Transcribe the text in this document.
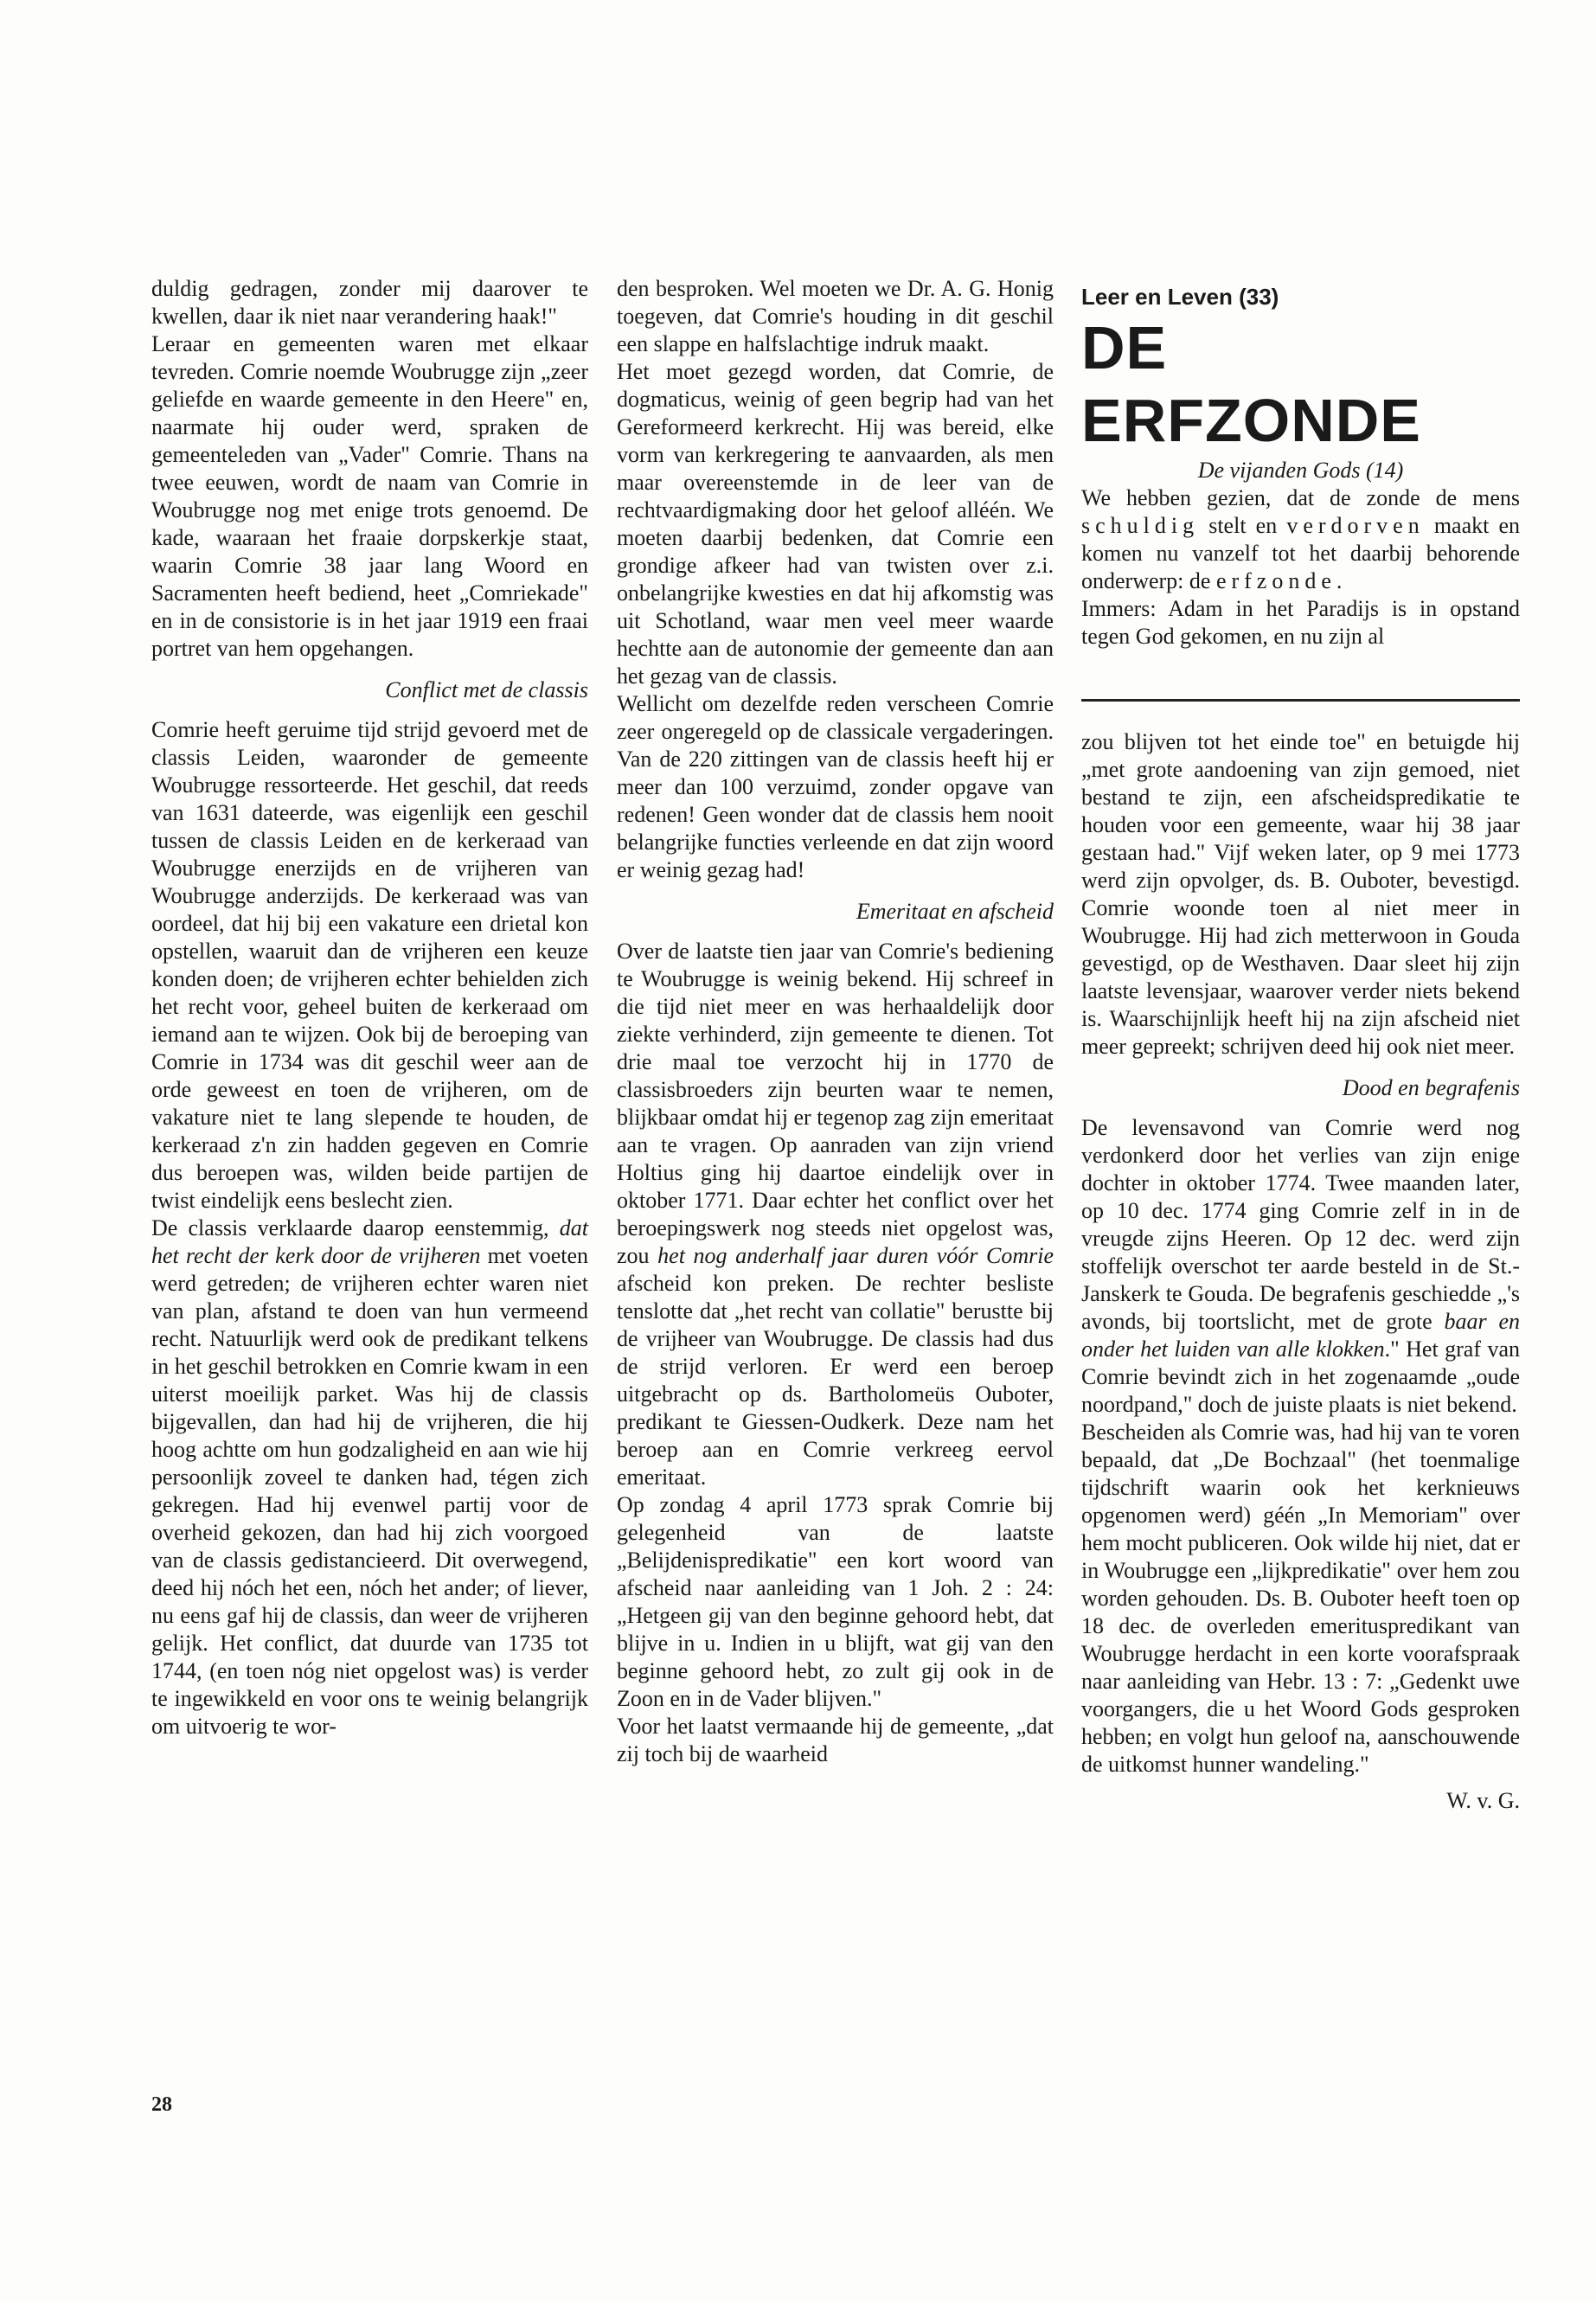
duldig gedragen, zonder mij daarover te kwellen, daar ik niet naar verandering haak!"

Leraar en gemeenten waren met elkaar tevreden. Comrie noemde Woubrugge zijn „zeer geliefde en waarde gemeente in den Heere" en, naarmate hij ouder werd, spraken de gemeenteleden van „Vader" Comrie. Thans na twee eeuwen, wordt de naam van Comrie in Woubrugge nog met enige trots genoemd. De kade, waaraan het fraaie dorpskerkje staat, waarin Comrie 38 jaar lang Woord en Sacramenten heeft bediend, heet „Comriekade" en in de consistorie is in het jaar 1919 een fraai portret van hem opgehangen.

Conflict met de classis

Comrie heeft geruime tijd strijd gevoerd met de classis Leiden, waaronder de gemeente Woubrugge ressorteerde. Het geschil, dat reeds van 1631 dateerde, was eigenlijk een geschil tussen de classis Leiden en de kerkeraad van Woubrugge enerzijds en de vrijheren van Woubrugge anderzijds. De kerkeraad was van oordeel, dat hij bij een vakature een drietal kon opstellen, waaruit dan de vrijheren een keuze konden doen; de vrijheren echter behielden zich het recht voor, geheel buiten de kerkeraad om iemand aan te wijzen. Ook bij de beroeping van Comrie in 1734 was dit geschil weer aan de orde geweest en toen de vrijheren, om de vakature niet te lang slepende te houden, de kerkeraad z'n zin hadden gegeven en Comrie dus beroepen was, wilden beide partijen de twist eindelijk eens beslecht zien.

De classis verklaarde daarop eenstemmig, dat het recht der kerk door de vrijheren met voeten werd getreden; de vrijheren echter waren niet van plan, afstand te doen van hun vermeend recht. Natuurlijk werd ook de predikant telkens in het geschil betrokken en Comrie kwam in een uiterst moeilijk parket. Was hij de classis bijgevallen, dan had hij de vrijheren, die hij hoog achtte om hun godzaligheid en aan wie hij persoonlijk zoveel te danken had, tégen zich gekregen. Had hij evenwel partij voor de overheid gekozen, dan had hij zich voorgoed van de classis gedistancieerd. Dit overwegend, deed hij nóch het een, nóch het ander; of liever, nu eens gaf hij de classis, dan weer de vrijheren gelijk. Het conflict, dat duurde van 1735 tot 1744, (en toen nóg niet opgelost was) is verder te ingewikkeld en voor ons te weinig belangrijk om uitvoerig te wor-

den besproken. Wel moeten we Dr. A. G. Honig toegeven, dat Comrie's houding in dit geschil een slappe en halfslachtige indruk maakt.

Het moet gezegd worden, dat Comrie, de dogmaticus, weinig of geen begrip had van het Gereformeerd kerkrecht. Hij was bereid, elke vorm van kerkregering te aanvaarden, als men maar overeenstemde in de leer van de rechtvaardigmaking door het geloof alléén. We moeten daarbij bedenken, dat Comrie een grondige afkeer had van twisten over z.i. onbelangrijke kwesties en dat hij afkomstig was uit Schotland, waar men veel meer waarde hechtte aan de autonomie der gemeente dan aan het gezag van de classis.

Wellicht om dezelfde reden verscheen Comrie zeer ongeregeld op de classicale vergaderingen. Van de 220 zittingen van de classis heeft hij er meer dan 100 verzuimd, zonder opgave van redenen! Geen wonder dat de classis hem nooit belangrijke functies verleende en dat zijn woord er weinig gezag had!

Emeritaat en afscheid

Over de laatste tien jaar van Comrie's bediening te Woubrugge is weinig bekend. Hij schreef in die tijd niet meer en was herhaaldelijk door ziekte verhinderd, zijn gemeente te dienen. Tot drie maal toe verzocht hij in 1770 de classisbroeders zijn beurten waar te nemen, blijkbaar omdat hij er tegenop zag zijn emeritaat aan te vragen. Op aanraden van zijn vriend Holtius ging hij daartoe eindelijk over in oktober 1771. Daar echter het conflict over het beroepingswerk nog steeds niet opgelost was, zou het nog anderhalf jaar duren vóór Comrie afscheid kon preken. De rechter besliste tenslotte dat „het recht van collatie" berustte bij de vrijheer van Woubrugge. De classis had dus de strijd verloren. Er werd een beroep uitgebracht op ds. Bartholomeüs Ouboter, predikant te Giessen-Oudkerk. Deze nam het beroep aan en Comrie verkreeg eervol emeritaat.

Op zondag 4 april 1773 sprak Comrie bij gelegenheid van de laatste „Belijdenispredikatie" een kort woord van afscheid naar aanleiding van 1 Joh. 2 : 24: „Hetgeen gij van den beginne gehoord hebt, dat blijve in u. Indien in u blijft, wat gij van den beginne gehoord hebt, zo zult gij ook in de Zoon en in de Vader blijven."

Voor het laatst vermaande hij de gemeente, „dat zij toch bij de waarheid

Leer en Leven (33)

DE ERFZONDE

De vijanden Gods (14)

We hebben gezien, dat de zonde de mens schuldig stelt en verdorven maakt en komen nu vanzelf tot het daarbij behorende onderwerp: de erfzonde.

Immers: Adam in het Paradijs is in opstand tegen God gekomen, en nu zijn al

zou blijven tot het einde toe" en betuigde hij „met grote aandoening van zijn gemoed, niet bestand te zijn, een afscheidspredikatie te houden voor een gemeente, waar hij 38 jaar gestaan had." Vijf weken later, op 9 mei 1773 werd zijn opvolger, ds. B. Ouboter, bevestigd. Comrie woonde toen al niet meer in Woubrugge. Hij had zich metterwoon in Gouda gevestigd, op de Westhaven. Daar sleet hij zijn laatste levensjaar, waarover verder niets bekend is. Waarschijnlijk heeft hij na zijn afscheid niet meer gepreekt; schrijven deed hij ook niet meer.

Dood en begrafenis

De levensavond van Comrie werd nog verdonkerd door het verlies van zijn enige dochter in oktober 1774. Twee maanden later, op 10 dec. 1774 ging Comrie zelf in in de vreugde zijns Heeren. Op 12 dec. werd zijn stoffelijk overschot ter aarde besteld in de St.-Janskerk te Gouda. De begrafenis geschiedde „'s avonds, bij toortslicht, met de grote baar en onder het luiden van alle klokken." Het graf van Comrie bevindt zich in het zogenaamde „oude noordpand," doch de juiste plaats is niet bekend.

Bescheiden als Comrie was, had hij van te voren bepaald, dat „De Bochzaal" (het toenmalige tijdschrift waarin ook het kerknieuws opgenomen werd) géén „In Memoriam" over hem mocht publiceren. Ook wilde hij niet, dat er in Woubrugge een „lijkpredikatie" over hem zou worden gehouden. Ds. B. Ouboter heeft toen op 18 dec. de overleden emerituspredikant van Woubrugge herdacht in een korte voorafspraak naar aanleiding van Hebr. 13 : 7: „Gedenkt uwe voorgangers, die u het Woord Gods gesproken hebben; en volgt hun geloof na, aanschouwende de uitkomst hunner wandeling."

W. v. G.

28
